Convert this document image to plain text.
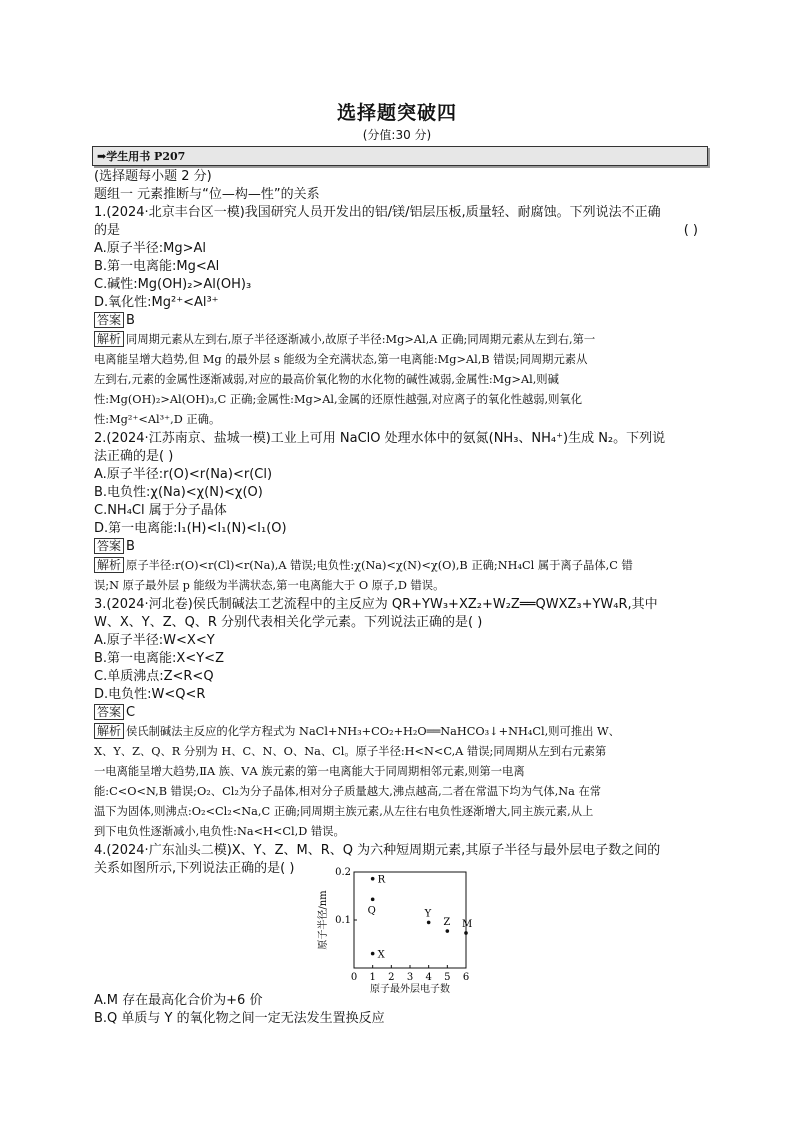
选择题突破四
(分值:30 分)
➡学生用书 P207
(选择题每小题 2 分)
题组一 元素推断与“位—构—性”的关系
1.(2024·北京丰台区一模)我国研究人员开发出的铝/镁/铝层压板,质量轻、耐腐蚀。下列说法不正确
的是	( )
A.原子半径:Mg>Al
B.第一电离能:Mg<Al
C.碱性:Mg(OH)₂>Al(OH)₃
D.氧化性:Mg²⁺<Al³⁺
答案 B
解析 同周期元素从左到右,原子半径逐渐减小,故原子半径:Mg>Al,A 正确;同周期元素从左到右,第一
电离能呈增大趋势,但 Mg 的最外层 s 能级为全充满状态,第一电离能:Mg>Al,B 错误;同周期元素从
左到右,元素的金属性逐渐减弱,对应的最高价氧化物的水化物的碱性减弱,金属性:Mg>Al,则碱
性:Mg(OH)₂>Al(OH)₃,C 正确;金属性:Mg>Al,金属的还原性越强,对应离子的氧化性越弱,则氧化
性:Mg²⁺<Al³⁺,D 正确。
2.(2024·江苏南京、盐城一模)工业上可用 NaClO 处理水体中的氨氮(NH₃、NH₄⁺)生成 N₂。下列说
法正确的是( )
A.原子半径:r(O)<r(Na)<r(Cl)
B.电负性:χ(Na)<χ(N)<χ(O)
C.NH₄Cl 属于分子晶体
D.第一电离能:I₁(H)<I₁(N)<I₁(O)
答案 B
解析 原子半径:r(O)<r(Cl)<r(Na),A 错误;电负性:χ(Na)<χ(N)<χ(O),B 正确;NH₄Cl 属于离子晶体,C 错
误;N 原子最外层 p 能级为半满状态,第一电离能大于 O 原子,D 错误。
3.(2024·河北卷)侯氏制碱法工艺流程中的主反应为 QR+YW₃+XZ₂+W₂Z══QWXZ₃+YW₄R,其中
W、X、Y、Z、Q、R 分别代表相关化学元素。下列说法正确的是( )
A.原子半径:W<X<Y
B.第一电离能:X<Y<Z
C.单质沸点:Z<R<Q
D.电负性:W<Q<R
答案 C
解析 侯氏制碱法主反应的化学方程式为 NaCl+NH₃+CO₂+H₂O══NaHCO₃↓+NH₄Cl,则可推出 W、
X、Y、Z、Q、R 分别为 H、C、N、O、Na、Cl。原子半径:H<N<C,A 错误;同周期从左到右元素第
一电离能呈增大趋势,ⅡA 族、ⅤA 族元素的第一电离能大于同周期相邻元素,则第一电离
能:C<O<N,B 错误;O₂、Cl₂为分子晶体,相对分子质量越大,沸点越高,二者在常温下均为气体,Na 在常
温下为固体,则沸点:O₂<Cl₂<Na,C 正确;同周期主族元素,从左往右电负性逐渐增大,同主族元素,从上
到下电负性逐渐减小,电负性:Na<H<Cl,D 错误。
4.(2024·广东汕头二模)X、Y、Z、M、R、Q 为六种短周期元素,其原子半径与最外层电子数之间的
关系如图所示,下列说法正确的是( )
0 1 2 3 4 5 6
0.1
0.2
R
Q
X
Y
Z M
原子最外层电子数
原子半径/nm
A.M 存在最高化合价为+6 价
B.Q 单质与 Y 的氧化物之间一定无法发生置换反应
